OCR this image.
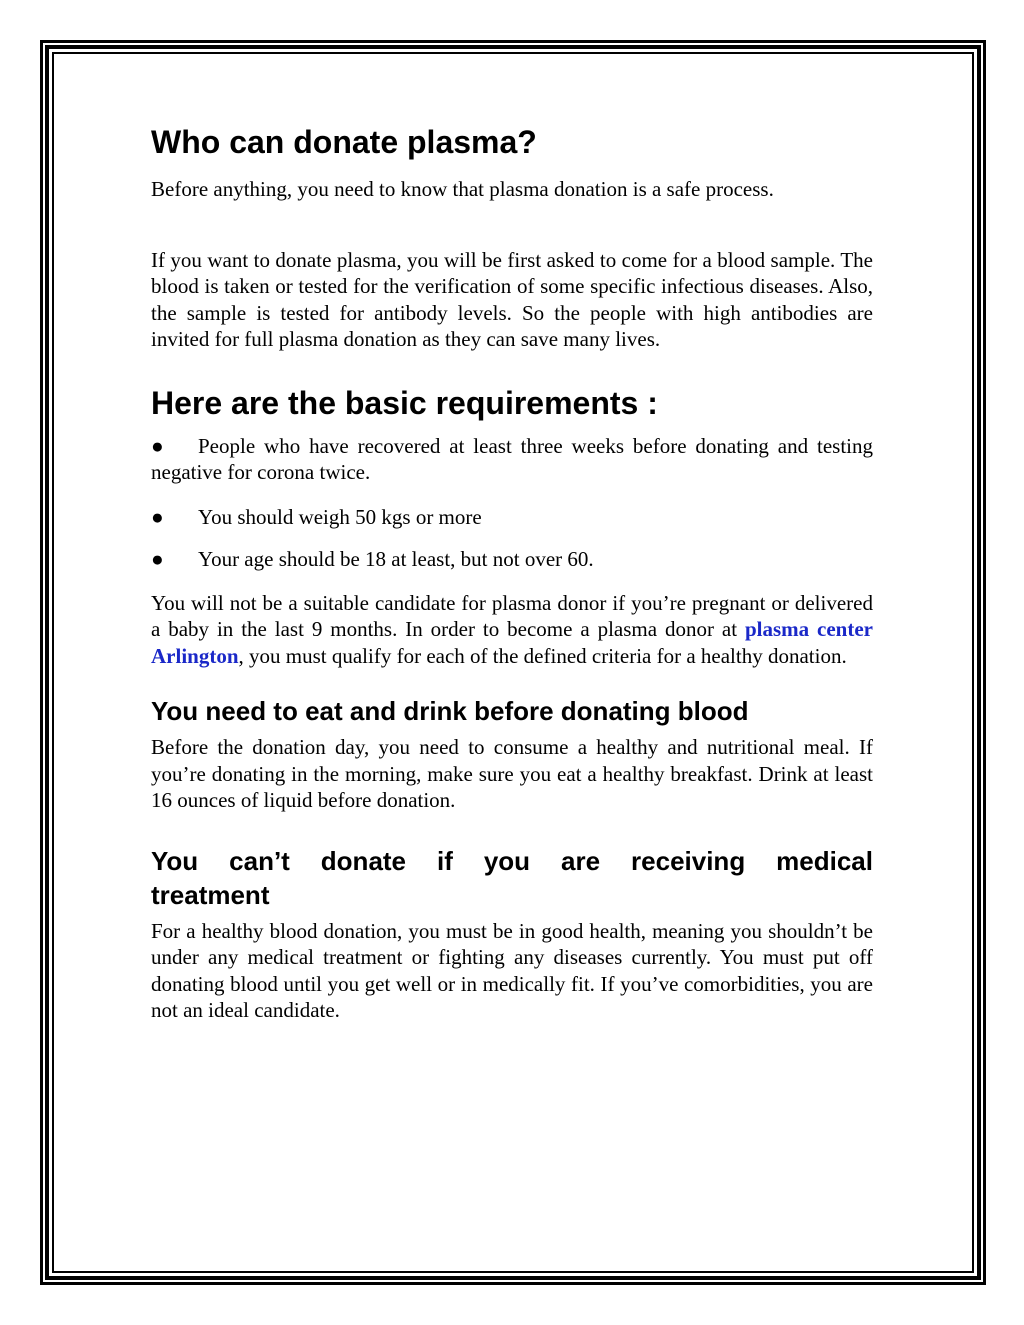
Who can donate plasma?

Before anything, you need to know that plasma donation is a safe process.

If you want to donate plasma, you will be first asked to come for a blood sample. The blood is taken or tested for the verification of some specific infectious diseases. Also, the sample is tested for antibody levels. So the people with high antibodies are invited for full plasma donation as they can save many lives.

Here are the basic requirements :

● People who have recovered at least three weeks before donating and testing negative for corona twice.

●	You should weigh 50 kgs or more
●	Your age should be 18 at least, but not over 60.

You will not be a suitable candidate for plasma donor if you’re pregnant or delivered a baby in the last 9 months. In order to become a plasma donor at plasma center Arlington, you must qualify for each of the defined criteria for a healthy donation.

You need to eat and drink before donating blood

Before the donation day, you need to consume a healthy and nutritional meal. If you’re donating in the morning, make sure you eat a healthy breakfast. Drink at least 16 ounces of liquid before donation.

You can’t donate if you are receiving medical treatment

For a healthy blood donation, you must be in good health, meaning you shouldn’t be under any medical treatment or fighting any diseases currently. You must put off donating blood until you get well or in medically fit. If you’ve comorbidities, you are not an ideal candidate.
